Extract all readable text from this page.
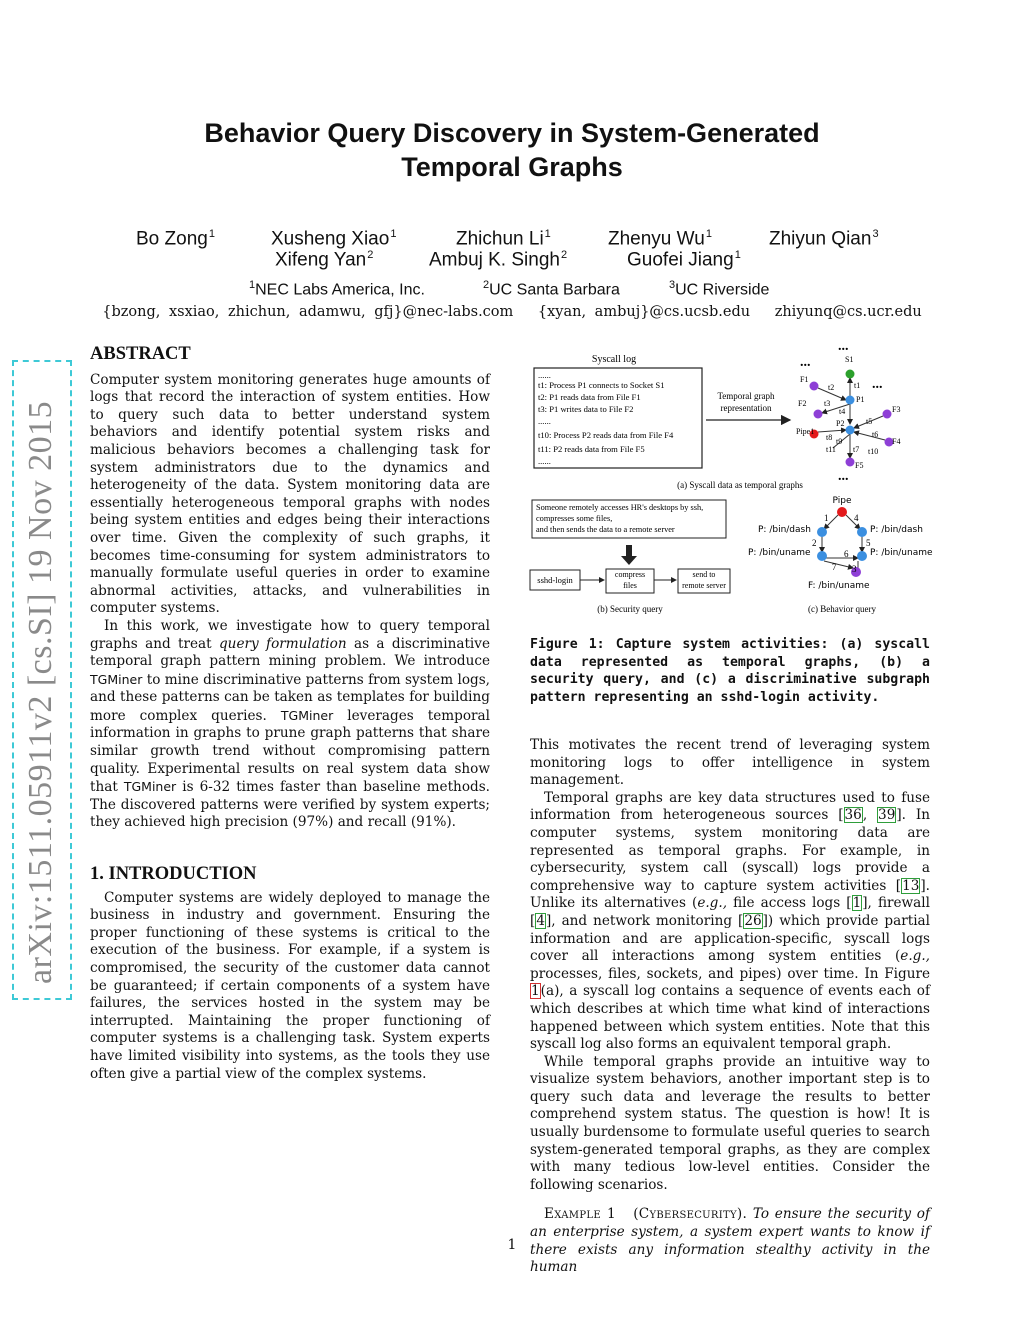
Behavior Query Discovery in System-Generated
Temporal Graphs
Bo Zong$^1$	Xusheng Xiao$^1$	Zhichun Li$^1$	Zhenyu Wu$^1$	Zhiyun Qian$^3$
Xifeng Yan$^2$	Ambuj K. Singh$^2$	Guofei Jiang$^1$
$^1$NEC Labs America, Inc.	$^2$UC Santa Barbara	$^3$UC Riverside
{bzong, xsxiao, zhichun, adamwu, gfj}@nec-labs.com {xyan, ambuj}@cs.ucsb.edu zhiyunq@cs.ucr.edu
arXiv:1511.05911v2 [cs.SI] 19 Nov 2015
ABSTRACT

Computer system monitoring generates huge amounts of logs that record the interaction of system entities. How to query such data to better understand system behaviors and identify potential system risks and malicious behaviors becomes a challenging task for system administrators due to the dynamics and heterogeneity of the data. System monitoring data are essentially heterogeneous temporal graphs with nodes being system entities and edges being their interactions over time. Given the complexity of such graphs, it becomes time-consuming for system administrators to manually formulate useful queries in order to examine abnormal activities, attacks, and vulnerabilities in computer systems.

In this work, we investigate how to query temporal graphs and treat query formulation as a discriminative temporal graph pattern mining problem. We introduce TGMiner to mine discriminative patterns from system logs, and these patterns can be taken as templates for building more complex queries. TGMiner leverages temporal information in graphs to prune graph patterns that share similar growth trend without compromising pattern quality. Experimental results on real system data show that TGMiner is 6-32 times faster than baseline methods. The discovered patterns were verified by system experts; they achieved high precision (97%) and recall (91%).

1. INTRODUCTION

Computer systems are widely deployed to manage the business in industry and government. Ensuring the proper functioning of these systems is critical to the execution of the business. For example, if a system is compromised, the security of the customer data cannot be guaranteed; if certain components of a system have failures, the services hosted in the system may be interrupted. Maintaining the proper functioning of computer systems is a challenging task. System experts have limited visibility into systems, as the tools they use often give a partial view of the complex systems.

Syscall log
......
t1: Process P1 connects to Socket S1
t2: P1 reads data from File F1
t3: P1 writes data to File F2
......
t10: Process P2 reads data from File F4
t11: P2 reads data from File F5
......
Temporal graph
representation
S1
F1
F2
F3
F4
F5
P1
P2
Pipe1
t1
t2
t3
t4
t5
t6
t7
t8 t9
t10
t11
...
...
...
...
(a) Syscall data as temporal graphs
Someone remotely accesses HR's desktops by ssh,
compresses some files,
and then sends the data to a remote server
sshd-login
compress
files
send to
remote server
(b) Security query
Pipe
P: /bin/dash	P: /bin/dash
P: /bin/uname	P: /bin/uname
F: /bin/uname
1
2
3
4
5
6
7
(c) Behavior query
Figure 1: Capture system activities: (a) syscall data represented as temporal graphs, (b) a security query, and (c) a discriminative subgraph pattern representing an sshd-login activity.

This motivates the recent trend of leveraging system monitoring logs to offer intelligence in system management.

Temporal graphs are key data structures used to fuse information from heterogeneous sources [36, 39]. In computer systems, system monitoring data are represented as temporal graphs. For example, in cybersecurity, system call (syscall) logs provide a comprehensive way to capture system activities [13]. Unlike its alternatives (e.g., file access logs [1], firewall [4], and network monitoring [26]) which provide partial information and are application-specific, syscall logs cover all interactions among system entities (e.g., processes, files, sockets, and pipes) over time. In Figure 1(a), a syscall log contains a sequence of events each of which describes at which time what kind of interactions happened between which system entities. Note that this syscall log also forms an equivalent temporal graph.

While temporal graphs provide an intuitive way to visualize system behaviors, another important step is to query such data and leverage the results to better comprehend system status. The question is how! It is usually burdensome to formulate useful queries to search system-generated temporal graphs, as they are complex with many tedious low-level entities. Consider the following scenarios.

Example 1 (Cybersecurity). To ensure the security of an enterprise system, a system expert wants to know if there exists any information stealthy activity in the human

1
